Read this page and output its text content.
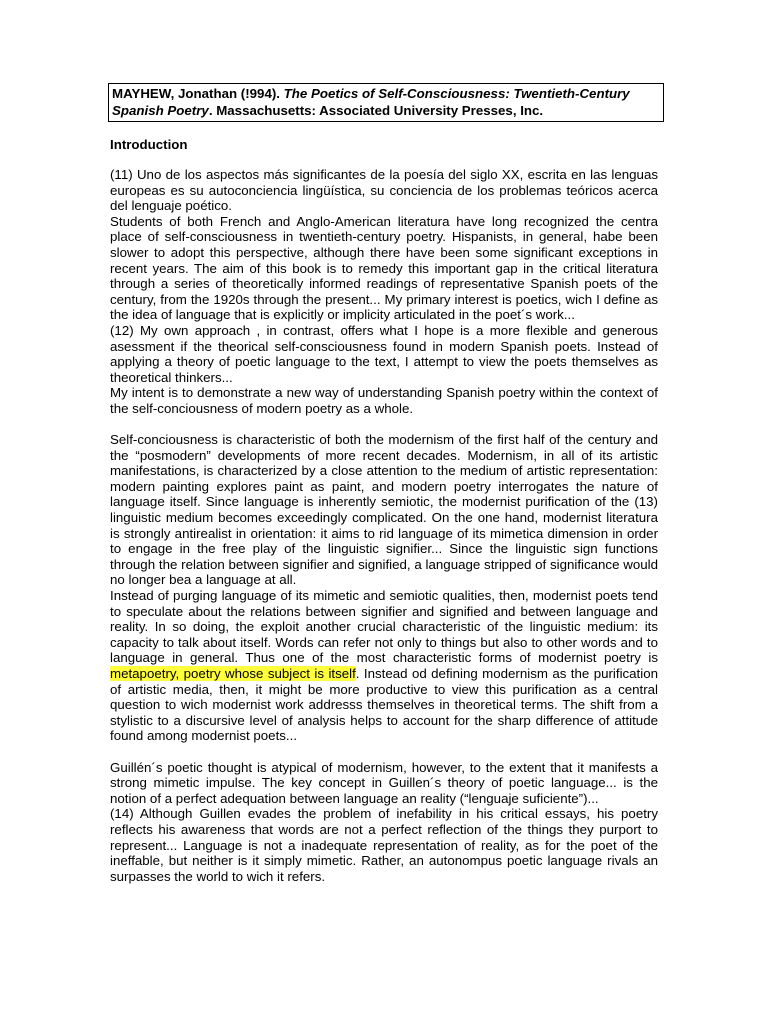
MAYHEW, Jonathan (!994). The Poetics of Self-Consciousness: Twentieth-Century Spanish Poetry. Massachusetts: Associated University Presses, Inc.
Introduction

(11) Uno de los aspectos más significantes de la poesía del siglo XX, escrita en las lenguas europeas es su autoconciencia lingüística, su conciencia de los problemas teóricos acerca del lenguaje poético.

Students of both French and Anglo-American literatura have long recognized the centra place of self-consciousness in twentieth-century poetry. Hispanists, in general, habe been slower to adopt this perspective, although there have been some significant exceptions in recent years. The aim of this book is to remedy this important gap in the critical literatura through a series of theoretically informed readings of representative Spanish poets of the century, from the 1920s through the present... My primary interest is poetics, wich I define as the idea of language that is explicitly or implicity articulated in the poet´s work...

(12) My own approach , in contrast, offers what I hope is a more flexible and generous asessment if the theorical self-consciousness found in modern Spanish poets. Instead of applying a theory of poetic language to the text, I attempt to view the poets themselves as theoretical thinkers...

My intent is to demonstrate a new way of understanding Spanish poetry within the context of the self-conciousness of modern poetry as a whole.

Self-conciousness is characteristic of both the modernism of the first half of the century and the “posmodern” developments of more recent decades. Modernism, in all of its artistic manifestations, is characterized by a close attention to the medium of artistic representation: modern painting explores paint as paint, and modern poetry interrogates the nature of language itself. Since language is inherently semiotic, the modernist purification of the (13) linguistic medium becomes exceedingly complicated. On the one hand, modernist literatura is strongly antirealist in orientation: it aims to rid language of its mimetica dimension in order to engage in the free play of the linguistic signifier... Since the linguistic sign functions through the relation between signifier and signified, a language stripped of significance would no longer bea a language at all.

Instead of purging language of its mimetic and semiotic qualities, then, modernist poets tend to speculate about the relations between signifier and signified and between language and reality. In so doing, the exploit another crucial characteristic of the linguistic medium: its capacity to talk about itself. Words can refer not only to things but also to other words and to language in general. Thus one of the most characteristic forms of modernist poetry is metapoetry, poetry whose subject is itself. Instead od defining modernism as the purification of artistic media, then, it might be more productive to view this purification as a central question to wich modernist work addresss themselves in theoretical terms. The shift from a stylistic to a discursive level of analysis helps to account for the sharp difference of attitude found among modernist poets...

Guillén´s poetic thought is atypical of modernism, however, to the extent that it manifests a strong mimetic impulse. The key concept in Guillen´s theory of poetic language... is the notion of a perfect adequation between language an reality (“lenguaje suficiente”)...

(14) Although Guillen evades the problem of inefability in his critical essays, his poetry reflects his awareness that words are not a perfect reflection of the things they purport to represent... Language is not a inadequate representation of reality, as for the poet of the ineffable, but neither is it simply mimetic. Rather, an autonompus poetic language rivals an surpasses the world to wich it refers.
